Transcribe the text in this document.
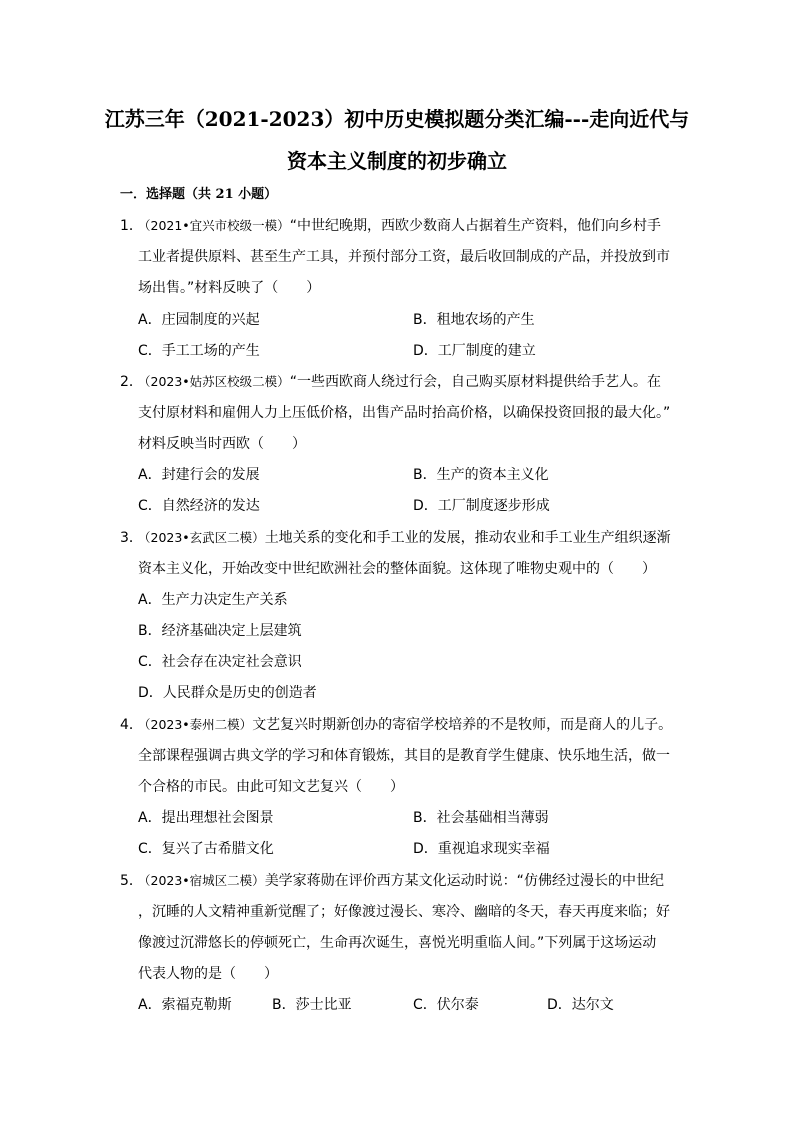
江苏三年（2021-2023）初中历史模拟题分类汇编---走向近代与
资本主义制度的初步确立
一．选择题（共 21 小题）
1．
（2021•宜兴市校级一模）“中世纪晚期，西欧少数商人占据着生产资料，他们向乡村手
工业者提供原料、甚至生产工具，并预付部分工资，最后收回制成的产品，并投放到市
场出售。”材料反映了（　　）
A．庄园制度的兴起	B．租地农场的产生
C．手工工场的产生	D．工厂制度的建立
2．
（2023•姑苏区校级二模）“一些西欧商人绕过行会，自己购买原材料提供给手艺人。在
支付原材料和雇佣人力上压低价格，出售产品时抬高价格，以确保投资回报的最大化。”
材料反映当时西欧（　　）
A．封建行会的发展	B．生产的资本主义化
C．自然经济的发达	D．工厂制度逐步形成
3．
（2023•玄武区二模）土地关系的变化和手工业的发展，推动农业和手工业生产组织逐渐
资本主义化，开始改变中世纪欧洲社会的整体面貌。这体现了唯物史观中的（　　）
A．生产力决定生产关系
B．经济基础决定上层建筑
C．社会存在决定社会意识
D．人民群众是历史的创造者
4．
（2023•泰州二模）文艺复兴时期新创办的寄宿学校培养的不是牧师，而是商人的儿子。
全部课程强调古典文学的学习和体育锻炼，其目的是教育学生健康、快乐地生活，做一
个合格的市民。由此可知文艺复兴（　　）
A．提出理想社会图景	B．社会基础相当薄弱
C．复兴了古希腊文化	D．重视追求现实幸福
5．
（2023•宿城区二模）美学家蒋勋在评价西方某文化运动时说：“仿佛经过漫长的中世纪
，沉睡的人文精神重新觉醒了；好像渡过漫长、寒冷、幽暗的冬天，春天再度来临；好
像渡过沉滞悠长的停顿死亡，生命再次诞生，喜悦光明重临人间。”下列属于这场运动
代表人物的是（　　）
A．索福克勒斯	B．莎士比亚	C．伏尔泰	D．达尔文
